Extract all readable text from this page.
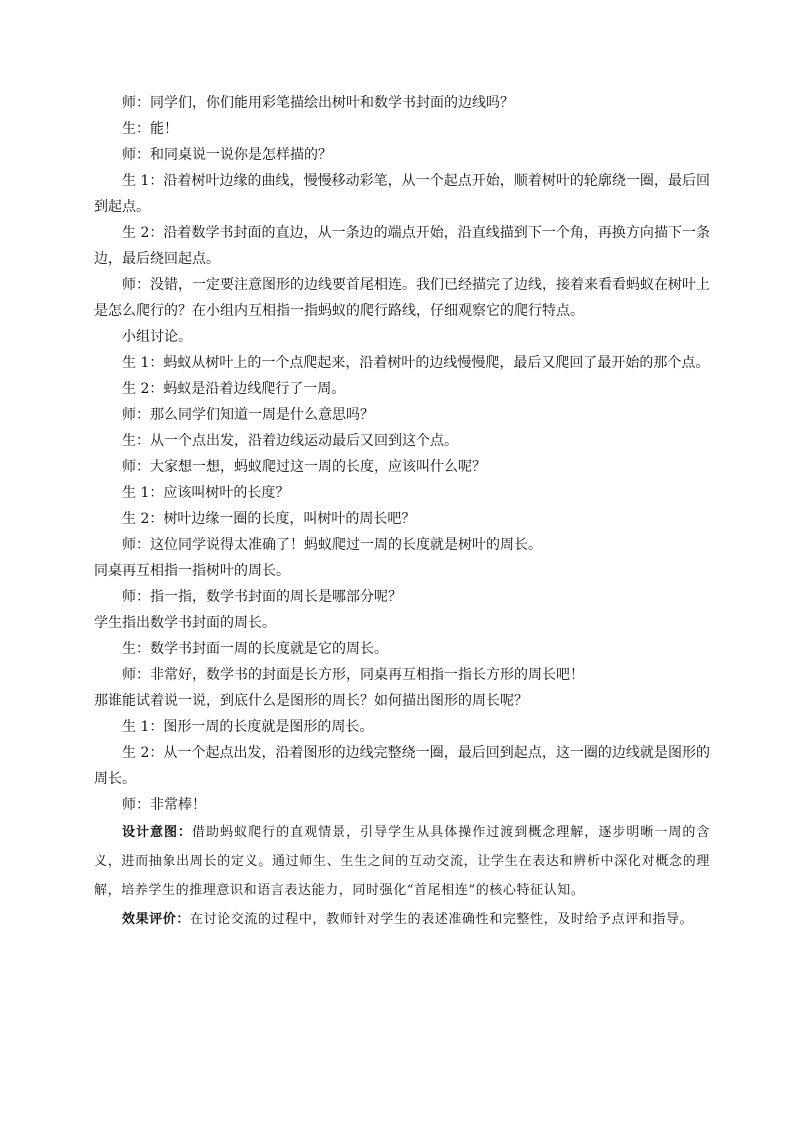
师：同学们，你们能用彩笔描绘出树叶和数学书封面的边线吗？

生：能！

师：和同桌说一说你是怎样描的？

生 1：沿着树叶边缘的曲线，慢慢移动彩笔，从一个起点开始，顺着树叶的轮廓绕一圈，最后回到起点。

生 2：沿着数学书封面的直边，从一条边的端点开始，沿直线描到下一个角，再换方向描下一条边，最后绕回起点。

师：没错，一定要注意图形的边线要首尾相连。我们已经描完了边线，接着来看看蚂蚁在树叶上是怎么爬行的？在小组内互相指一指蚂蚁的爬行路线，仔细观察它的爬行特点。

小组讨论。

生 1：蚂蚁从树叶上的一个点爬起来，沿着树叶的边线慢慢爬，最后又爬回了最开始的那个点。

生 2：蚂蚁是沿着边线爬行了一周。

师：那么同学们知道一周是什么意思吗？

生：从一个点出发，沿着边线运动最后又回到这个点。

师：大家想一想，蚂蚁爬过这一周的长度，应该叫什么呢？

生 1：应该叫树叶的长度？

生 2：树叶边缘一圈的长度，叫树叶的周长吧？

师：这位同学说得太准确了！蚂蚁爬过一周的长度就是树叶的周长。

同桌再互相指一指树叶的周长。

师：指一指，数学书封面的周长是哪部分呢？

学生指出数学书封面的周长。

生：数学书封面一周的长度就是它的周长。

师：非常好，数学书的封面是长方形，同桌再互相指一指长方形的周长吧！

那谁能试着说一说，到底什么是图形的周长？如何描出图形的周长呢？

生 1：图形一周的长度就是图形的周长。

生 2：从一个起点出发，沿着图形的边线完整绕一圈，最后回到起点，这一圈的边线就是图形的周长。

师：非常棒！

设计意图：借助蚂蚁爬行的直观情景，引导学生从具体操作过渡到概念理解，逐步明晰一周的含义，进而抽象出周长的定义。通过师生、生生之间的互动交流，让学生在表达和辨析中深化对概念的理解，培养学生的推理意识和语言表达能力，同时强化“首尾相连”的核心特征认知。

效果评价：在讨论交流的过程中，教师针对学生的表述准确性和完整性，及时给予点评和指导。
